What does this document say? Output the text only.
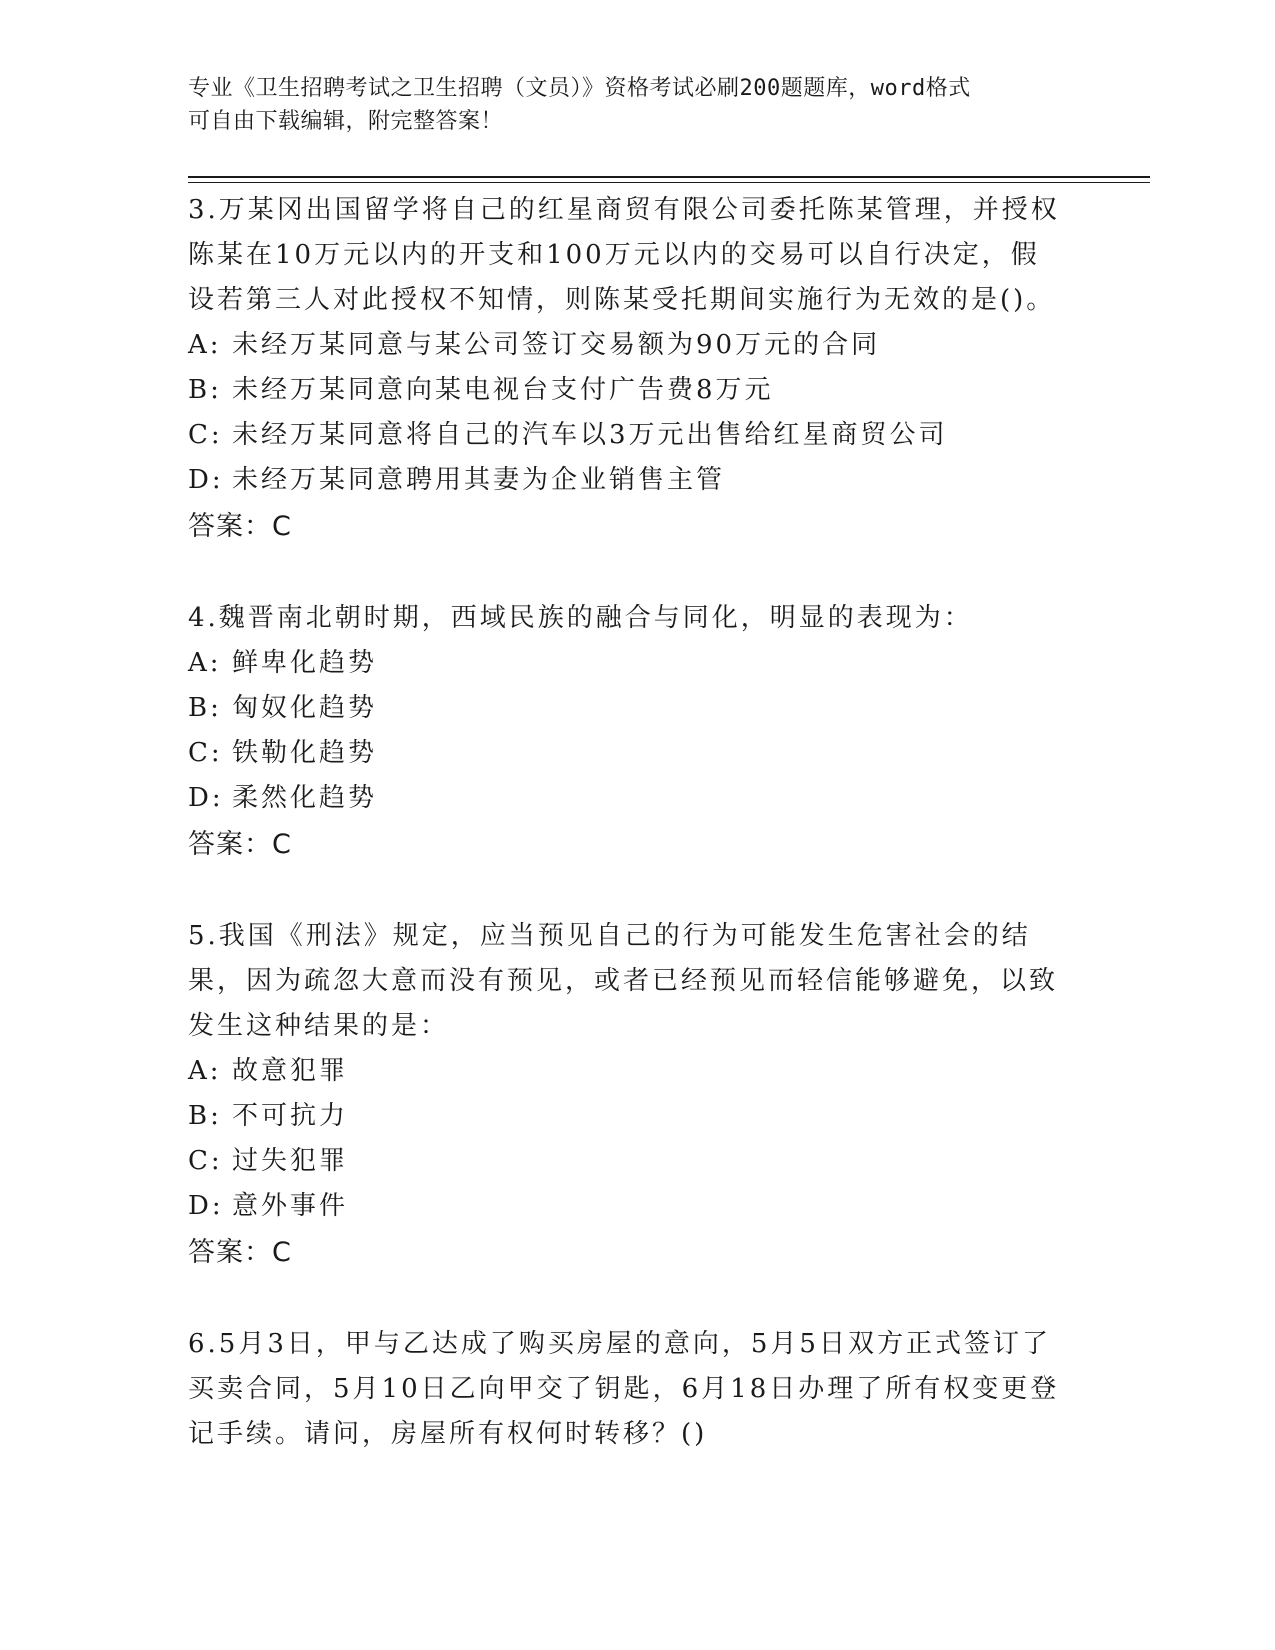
专业《卫生招聘考试之卫生招聘（文员）》资格考试必刷200题题库，word格式
可自由下载编辑，附完整答案！

3.万某冈出国留学将自己的红星商贸有限公司委托陈某管理，并授权陈某在10万元以内的开支和100万元以内的交易可以自行决定，假设若第三人对此授权不知情，则陈某受托期间实施行为无效的是()。

A: 未经万某同意与某公司签订交易额为90万元的合同

B: 未经万某同意向某电视台支付广告费8万元

C: 未经万某同意将自己的汽车以3万元出售给红星商贸公司

D: 未经万某同意聘用其妻为企业销售主管

答案：C

4.魏晋南北朝时期，西域民族的融合与同化，明显的表现为：

A: 鲜卑化趋势

B: 匈奴化趋势

C: 铁勒化趋势

D: 柔然化趋势

答案：C

5.我国《刑法》规定，应当预见自己的行为可能发生危害社会的结果，因为疏忽大意而没有预见，或者已经预见而轻信能够避免，以致发生这种结果的是：

A: 故意犯罪

B: 不可抗力

C: 过失犯罪

D: 意外事件

答案：C

6.5月3日，甲与乙达成了购买房屋的意向，5月5日双方正式签订了买卖合同，5月10日乙向甲交了钥匙，6月18日办理了所有权变更登记手续。请问，房屋所有权何时转移？()
